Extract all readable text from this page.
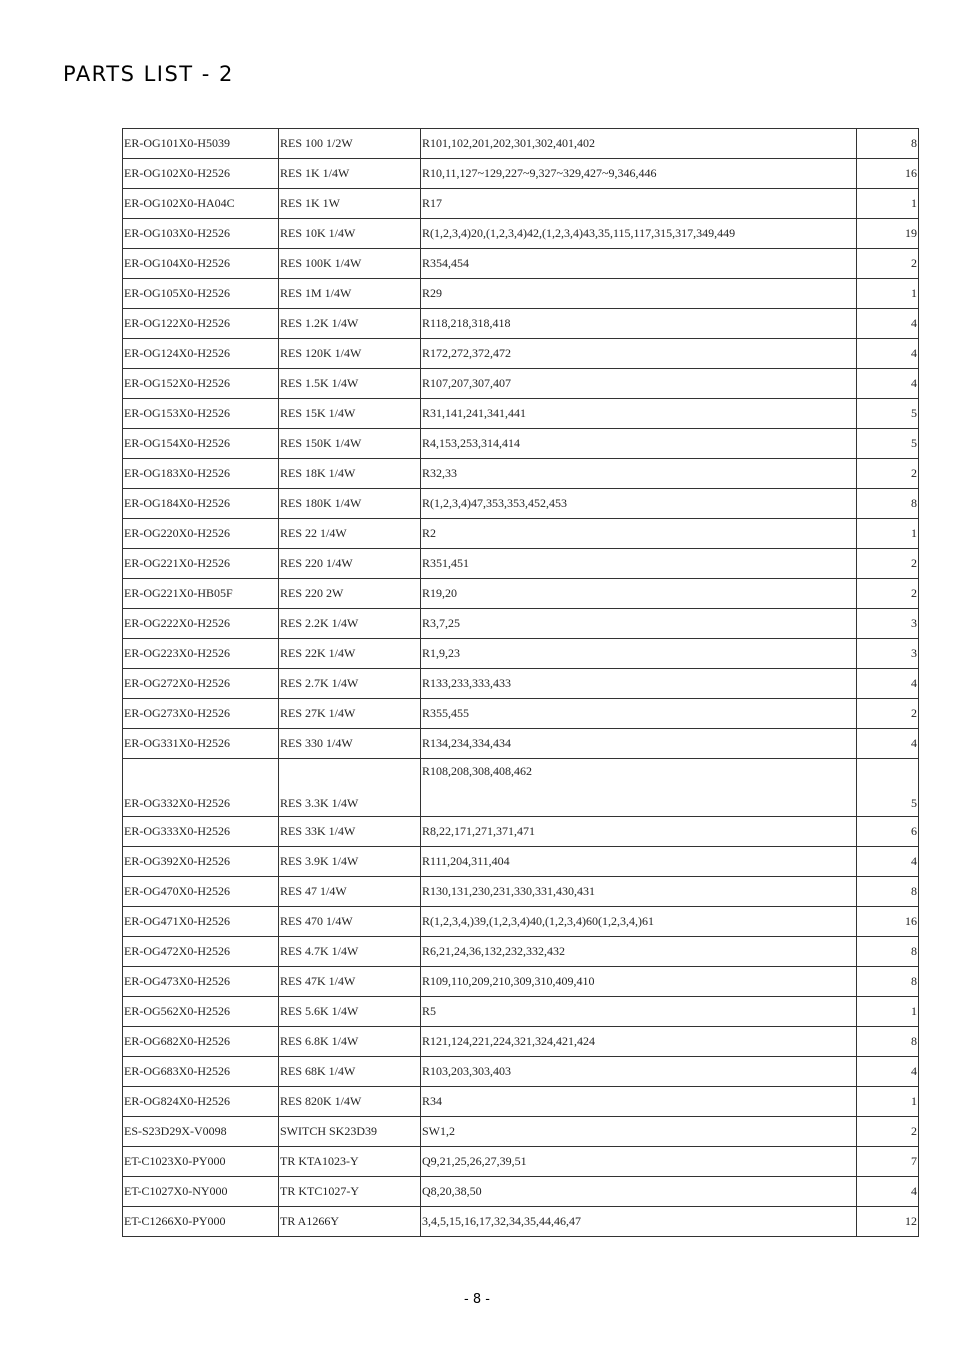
PARTS LIST - 2
ER-OG101X0-H5039	RES 100 1/2W	R101,102,201,202,301,302,401,402	8
ER-OG102X0-H2526	RES 1K 1/4W	R10,11,127~129,227~9,327~329,427~9,346,446	16
ER-OG102X0-HA04C	RES 1K 1W	R17	1
ER-OG103X0-H2526	RES 10K 1/4W	R(1,2,3,4)20,(1,2,3,4)42,(1,2,3,4)43,35,115,117,315,317,349,449	19
ER-OG104X0-H2526	RES 100K 1/4W	R354,454	2
ER-OG105X0-H2526	RES 1M 1/4W	R29	1
ER-OG122X0-H2526	RES 1.2K 1/4W	R118,218,318,418	4
ER-OG124X0-H2526	RES 120K 1/4W	R172,272,372,472	4
ER-OG152X0-H2526	RES 1.5K 1/4W	R107,207,307,407	4
ER-OG153X0-H2526	RES 15K 1/4W	R31,141,241,341,441	5
ER-OG154X0-H2526	RES 150K 1/4W	R4,153,253,314,414	5
ER-OG183X0-H2526	RES 18K 1/4W	R32,33	2
ER-OG184X0-H2526	RES 180K 1/4W	R(1,2,3,4)47,353,353,452,453	8
ER-OG220X0-H2526	RES 22 1/4W	R2	1
ER-OG221X0-H2526	RES 220 1/4W	R351,451	2
ER-OG221X0-HB05F	RES 220 2W	R19,20	2
ER-OG222X0-H2526	RES 2.2K 1/4W	R3,7,25	3
ER-OG223X0-H2526	RES 22K 1/4W	R1,9,23	3
ER-OG272X0-H2526	RES 2.7K 1/4W	R133,233,333,433	4
ER-OG273X0-H2526	RES 27K 1/4W	R355,455	2
ER-OG331X0-H2526	RES 330 1/4W	R134,234,334,434	4
ER-OG332X0-H2526	RES 3.3K 1/4W	R108,208,308,408,462	5
ER-OG333X0-H2526	RES 33K 1/4W	R8,22,171,271,371,471	6
ER-OG392X0-H2526	RES 3.9K 1/4W	R111,204,311,404	4
ER-OG470X0-H2526	RES 47 1/4W	R130,131,230,231,330,331,430,431	8
ER-OG471X0-H2526	RES 470 1/4W	R(1,2,3,4,)39,(1,2,3,4)40,(1,2,3,4)60(1,2,3,4,)61	16
ER-OG472X0-H2526	RES 4.7K 1/4W	R6,21,24,36,132,232,332,432	8
ER-OG473X0-H2526	RES 47K 1/4W	R109,110,209,210,309,310,409,410	8
ER-OG562X0-H2526	RES 5.6K 1/4W	R5	1
ER-OG682X0-H2526	RES 6.8K 1/4W	R121,124,221,224,321,324,421,424	8
ER-OG683X0-H2526	RES 68K 1/4W	R103,203,303,403	4
ER-OG824X0-H2526	RES 820K 1/4W	R34	1
ES-S23D29X-V0098	SWITCH SK23D39	SW1,2	2
ET-C1023X0-PY000	TR KTA1023-Y	Q9,21,25,26,27,39,51	7
ET-C1027X0-NY000	TR KTC1027-Y	Q8,20,38,50	4
ET-C1266X0-PY000	TR A1266Y	3,4,5,15,16,17,32,34,35,44,46,47	12
- 8 -
